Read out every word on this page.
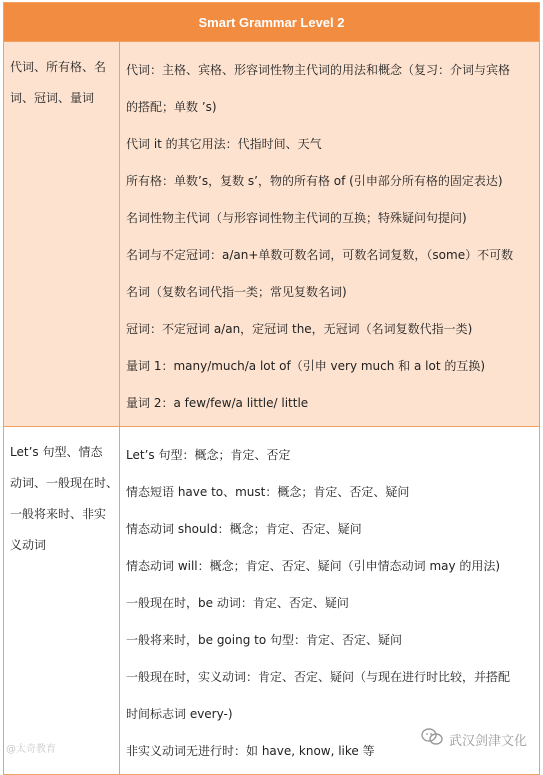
Smart Grammar Level 2
代词、所有格、名
词、冠词、量词
代词：主格、宾格、形容词性物主代词的用法和概念（复习：介词与宾格
的搭配；单数 ’s)
代词 it 的其它用法：代指时间、天气
所有格：单数’s，复数 s’，物的所有格 of (引申部分所有格的固定表达)
名词性物主代词（与形容词性物主代词的互换；特殊疑问句提问)
名词与不定冠词：a/an+单数可数名词，可数名词复数，（some）不可数
名词（复数名词代指一类；常见复数名词)
冠词：不定冠词 a/an，定冠词 the，无冠词（名词复数代指一类)
量词 1：many/much/a lot of（引申 very much 和 a lot 的互换)
量词 2：a few/few/a little/ little
Let’s 句型、情态
动词、一般现在时、
一般将来时、非实
义动词
Let’s 句型：概念；肯定、否定
情态短语 have to、must：概念；肯定、否定、疑问
情态动词 should：概念；肯定、否定、疑问
情态动词 will：概念；肯定、否定、疑问（引申情态动词 may 的用法)
一般现在时，be 动词：肯定、否定、疑问
一般将来时，be going to 句型：肯定、否定、疑问
一般现在时，实义动词：肯定、否定、疑问（与现在进行时比较，并搭配
时间标志词 every-)
非实义动词无进行时：如 have, know, like 等
@太奇教育
武汉剑津文化
